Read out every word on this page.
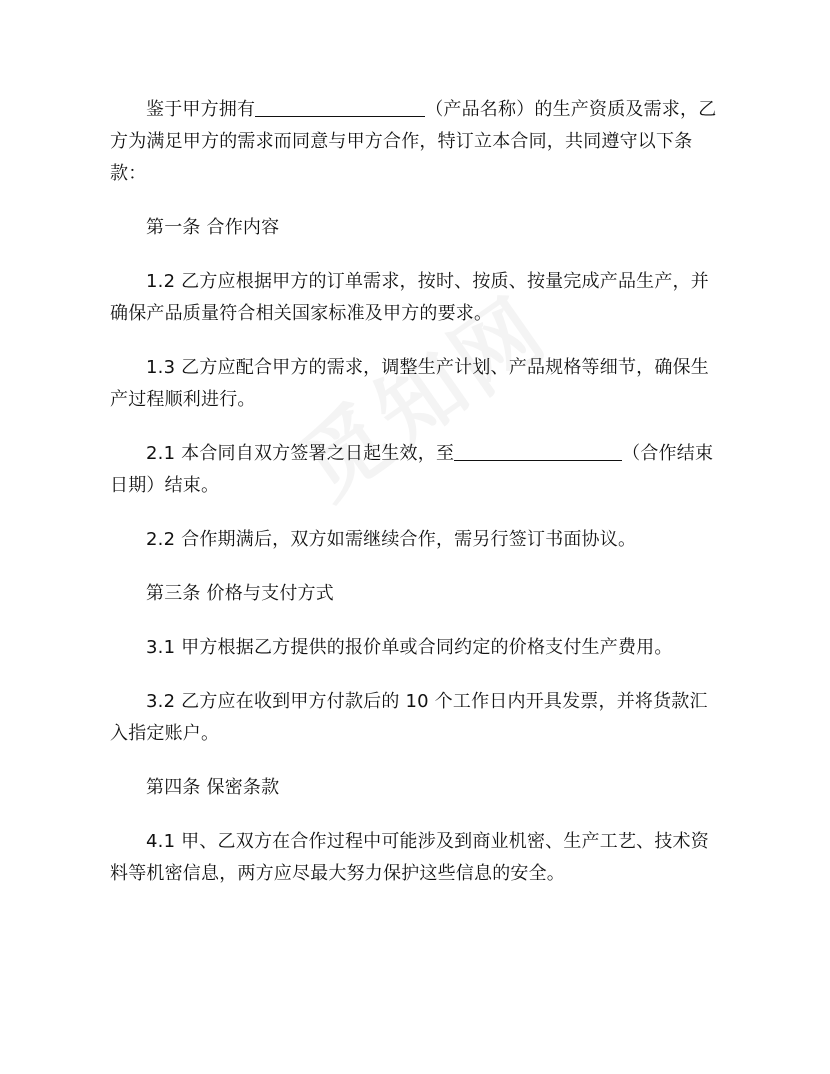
鉴于甲方拥有	（产品名称）的生产资质及需求，乙方为满足甲方的需求而同意与甲方合作，特订立本合同，共同遵守以下条款：

第一条 合作内容

1.2 乙方应根据甲方的订单需求，按时、按质、按量完成产品生产，并确保产品质量符合相关国家标准及甲方的要求。

1.3 乙方应配合甲方的需求，调整生产计划、产品规格等细节，确保生产过程顺利进行。

2.1 本合同自双方签署之日起生效，至	（合作结束日期）结束。

2.2 合作期满后，双方如需继续合作，需另行签订书面协议。

第三条 价格与支付方式

3.1 甲方根据乙方提供的报价单或合同约定的价格支付生产费用。

3.2 乙方应在收到甲方付款后的 10 个工作日内开具发票，并将货款汇入指定账户。

第四条 保密条款

4.1 甲、乙双方在合作过程中可能涉及到商业机密、生产工艺、技术资料等机密信息，两方应尽最大努力保护这些信息的安全。
